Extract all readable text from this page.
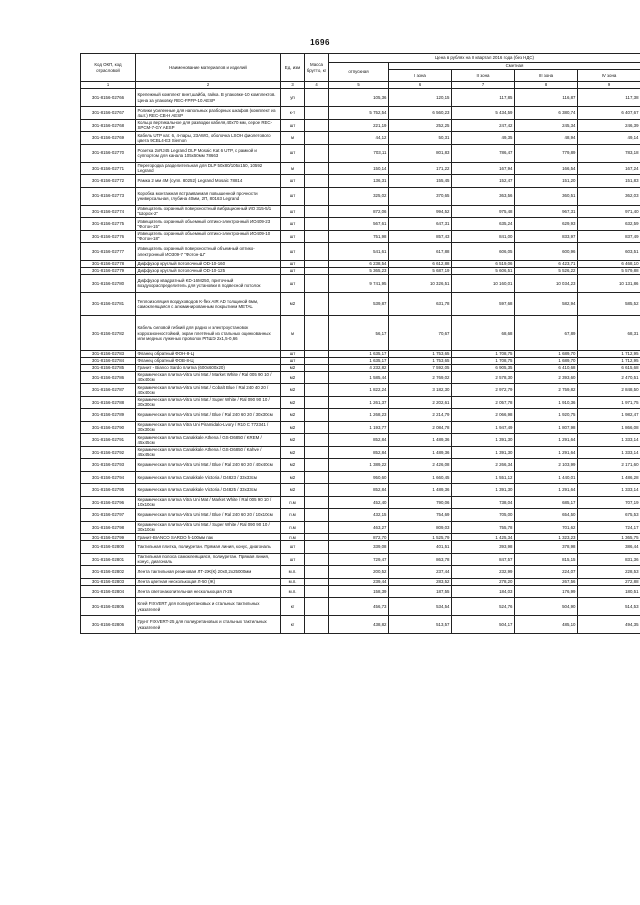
1696
Код ОКП, код отрасловой	Наименование материалов и изделий	Ед. изм	Масса брутто, кг	Цена в рублях на II квартал 2016 года (без НДС)				
				отпускная	Сметная			
					I зона	II зона	III зона	IV зона
1	2	3	4	5	6	7	8	9
301-8156-02766	Крепежный комплект винт,шайба, гайка. В упаковке-10 комплектов. Цена за упаковку REC-FPFP-10 AESP	уп		105,36	120,15	117,85	116,87	117,38
301-8156-02767	Ролики усиленные для напольных разборных шкафов (комплект из 4шт.) REC-CB-H AESP	к-т		5 752,54	6 560,23	5 434,59	6 380,74	6 407,67
301-8156-02768	Кольцо вертикальное для разводки кабеля,40х70 мм, серое REC-SPCM-7-GY AESP	шт		221,19	252,25	247,42	245,34	246,39
301-8156-02769	Кабель UTP кат. 6, 4-пары, 23AWG, оболочка LSOH фиолетового цвета 9CBL4-E3 Siemon	м		44,12	50,31	49,35	48,94	49,14
301-8156-02770	Розетка 2xRJ45 Legrand DLP Mosaic Kat 6 UTP, с рамкой и суппортом для канала 105х50мм 78663	шт		703,11	801,83	786,47	779,89	783,18
301-8156-02771	Перегородка разделительная для DLP 50х80/105х150, 10592 Legrand	м		150,14	171,22	167,94	166,54	167,24
301-8156-02772	Рамка 2 мм 4М (супп. 80252) Legrand Mosaic 78814	шт		136,31	155,45	152,47	151,20	151,83
301-8156-02773	Коробка монтажная встраиваемая повышенной прочности универсальная, глубина 40мм, 2П, 80163 Legrand	шт		325,02	370,65	363,56	360,51	362,03
301-8156-02774	Извещатель охранный поверхностный вибрационный ИО 315-5/1 "Шорох-2"	шт		872,06	994,52	975,48	967,31	971,40
301-8156-02775	Извещатель охранный объемный оптико-электронный ИО409-23 "Фотон-15"	шт		567,61	647,31	635,24	629,93	632,59
301-8156-02776	Извещатель охранный объемный оптико-электронный ИО409-10 "Фотон-18"	шт		751,98	857,43	841,00	833,97	837,49
301-8156-02777	Извещатель охранный поверхностный объемный оптико-электронный ИО309-7 "Фотон-Ш"	шт		541,61	617,88	606,05	600,96	603,51
301-8156-02778	Диффузор круглый потолочный OD-10-160	шт		6 238,54	6 612,88	6 519,06	6 423,71	6 468,10
301-8156-02779	Диффузор круглый потолочный OD-10-125	шт		5 365,23	5 687,19	5 606,51	5 526,22	5 579,88
301-8156-02780	Диффузор квадратный KD-16M250, приточный воздухораспределитель для установки в подвесной потолок	шт		9 741,95	10 326,51	10 160,01	10 034,23	10 131,86
301-8156-02781	Теплоизоляция воздуховодов K-flex AIR AD толщиной 6мм, самоклеящаяся с алюминированным покрытием METAL	м2		539,87	631,78	597,68	582,94	585,52
301-8156-02782	Кабель силовой гибкий для радио и электроустановок коррозионностойкий, экран плетёный из стальных оцинкованных или медных луженых проволок РПШЭ 2х1,5-0,66	м		56,17	70,67	68,68	67,89	68,31
301-8156-02783	Фланец обратный ФОН-8-Ц	шт		1 635,17	1 753,65	1 708,75	1 689,70	1 712,95
301-8156-02784	Фланец обратный ФОВ-8-Ц	шт		1 635,17	1 753,65	1 708,75	1 689,70	1 712,95
301-8156-02785	Гранит - Bianco Sardo плитка (600х600х20)	м2		4 232,82	7 592,05	6 905,35	6 410,68	6 615,68
301-8156-02786	Керамическая плитка-Vitra Uni Mat / Market White / Ral 005 90 10 / 40х40см	м2		1 585,44	2 769,02	2 578,30	2 393,60	2 470,51
301-8156-02787	Керамическая плитка-Vitra Uni Mat / Cobalt Blue / Ral 240 40 20 / 40х40см	м2		1 822,24	3 182,30	2 972,79	2 759,82	2 848,50
301-8156-02788	Керамическая плитка-Vitra Uni Mat / Super White / Ral 090 90 10 / 30х30см	м2		1 261,37	2 202,61	2 057,78	1 910,36	1 971,75
301-8156-02789	Керамическая плитка-Vitra Uni Mat / Blue / Ral 240 60 20 / 30х30см	м2		1 268,23	2 214,79	2 066,98	1 920,75	1 982,47
301-8156-02790	Керамическая плитка Vitra Uni Piramidalo-Lvory / R10 C 772341 / 30х30см	м2		1 193,77	2 084,78	1 947,49	1 807,98	1 866,08
301-8156-02791	Керамическая плитка Canakkale Athena / GS-D6850 / KREM / 45х45см	м2		852,84	1 489,36	1 391,30	1 291,64	1 333,14
301-8156-02792	Керамическая плитка Canakkale Athena / GS-D6850 / Kahve / 45х45см	м2		852,84	1 489,36	1 391,30	1 291,64	1 333,14
301-8156-02793	Керамическая плитка-Vitra Uni Mat / Blue / Ral 240 60 20 / 40х40см	м2		1 389,22	2 426,08	2 266,34	2 103,99	2 171,60
301-8156-02794	Керамическая плитка Canakkale Victoria / D4823 / 33х33см	м2		950,60	1 660,45	1 551,12	1 440,01	1 486,28
301-8156-02795	Керамическая плитка Canakkale Victoria / D4825 / 33х33см	м2		852,84	1 489,36	1 391,30	1 291,64	1 333,14
301-8156-02796	Керамическая плитка Vitra Uni Mat / Market White / Ral 005 90 10 / 10х10см	п.м		452,40	790,06	738,04	685,17	707,19
301-8156-02797	Керамическая плитка-Vitra Uni Mat / Blue / Ral 240 60 20 / 10х10см	п.м		432,15	754,69	705,00	654,50	675,53
301-8156-02798	Керамическая плитка-Vitra Uni Mat / Super White / Ral 090 90 10 / 30х10см	п.м		463,27	809,03	755,78	701,62	724,17
301-8156-02799	Гранит-BIANCO SARDO h-100мм пак	п.м		872,70	1 525,79	1 425,34	1 323,23	1 365,75
301-8156-02800	Тактильная плитка, полиуретан. Прямая линия, конус, диагональ	шт		339,08	401,51	393,98	378,98	386,44
301-8156-02801	Тактильная полоса самоклеящаяся, полиуретан. Прямая линия, конус, диагональ	шт		729,47	863,78	847,57	815,15	831,36
301-8156-02802	Лента тактильная резиновая ЛТ-2Ж(К) 20х0,2х25000мм	м.п.		200,52	237,44	232,99	224,07	228,53
301-8156-02803	Лента цветная несколькоцая Л-50 (Ж)	м.п.		239,44	283,52	278,20	267,56	272,88
301-8156-02804	Лента светонакопительная несколькоцая Л-25	м.п.		158,39	187,55	184,03	176,99	180,51
301-8156-02805	Клей FIXVERT для полиуретановых и стальных тактильных указателей	кг		456,73	534,54	524,76	504,90	514,53
301-8156-02806	Грунт FIXVERT-25 для полиуретановых и стальных тактильных указателей	кг		438,82	513,57	504,17	485,10	494,35
